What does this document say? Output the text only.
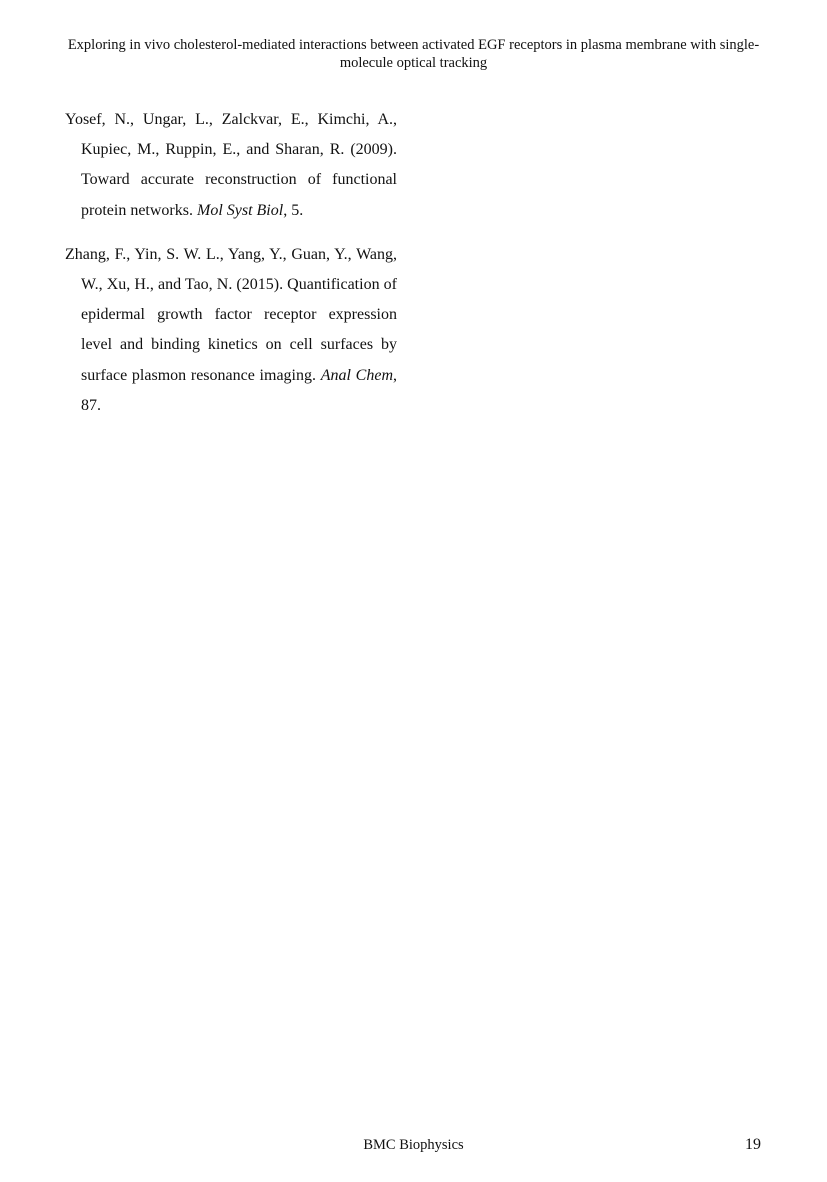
Exploring in vivo cholesterol-mediated interactions between activated EGF receptors in plasma membrane with single-molecule optical tracking

Yosef, N., Ungar, L., Zalckvar, E., Kimchi, A., Kupiec, M., Ruppin, E., and Sharan, R. (2009). Toward accurate reconstruction of functional protein networks. Mol Syst Biol, 5.

Zhang, F., Yin, S. W. L., Yang, Y., Guan, Y., Wang, W., Xu, H., and Tao, N. (2015). Quantification of epidermal growth factor receptor expression level and binding kinetics on cell surfaces by surface plasmon resonance imaging. Anal Chem, 87.

BMC Biophysics	19
